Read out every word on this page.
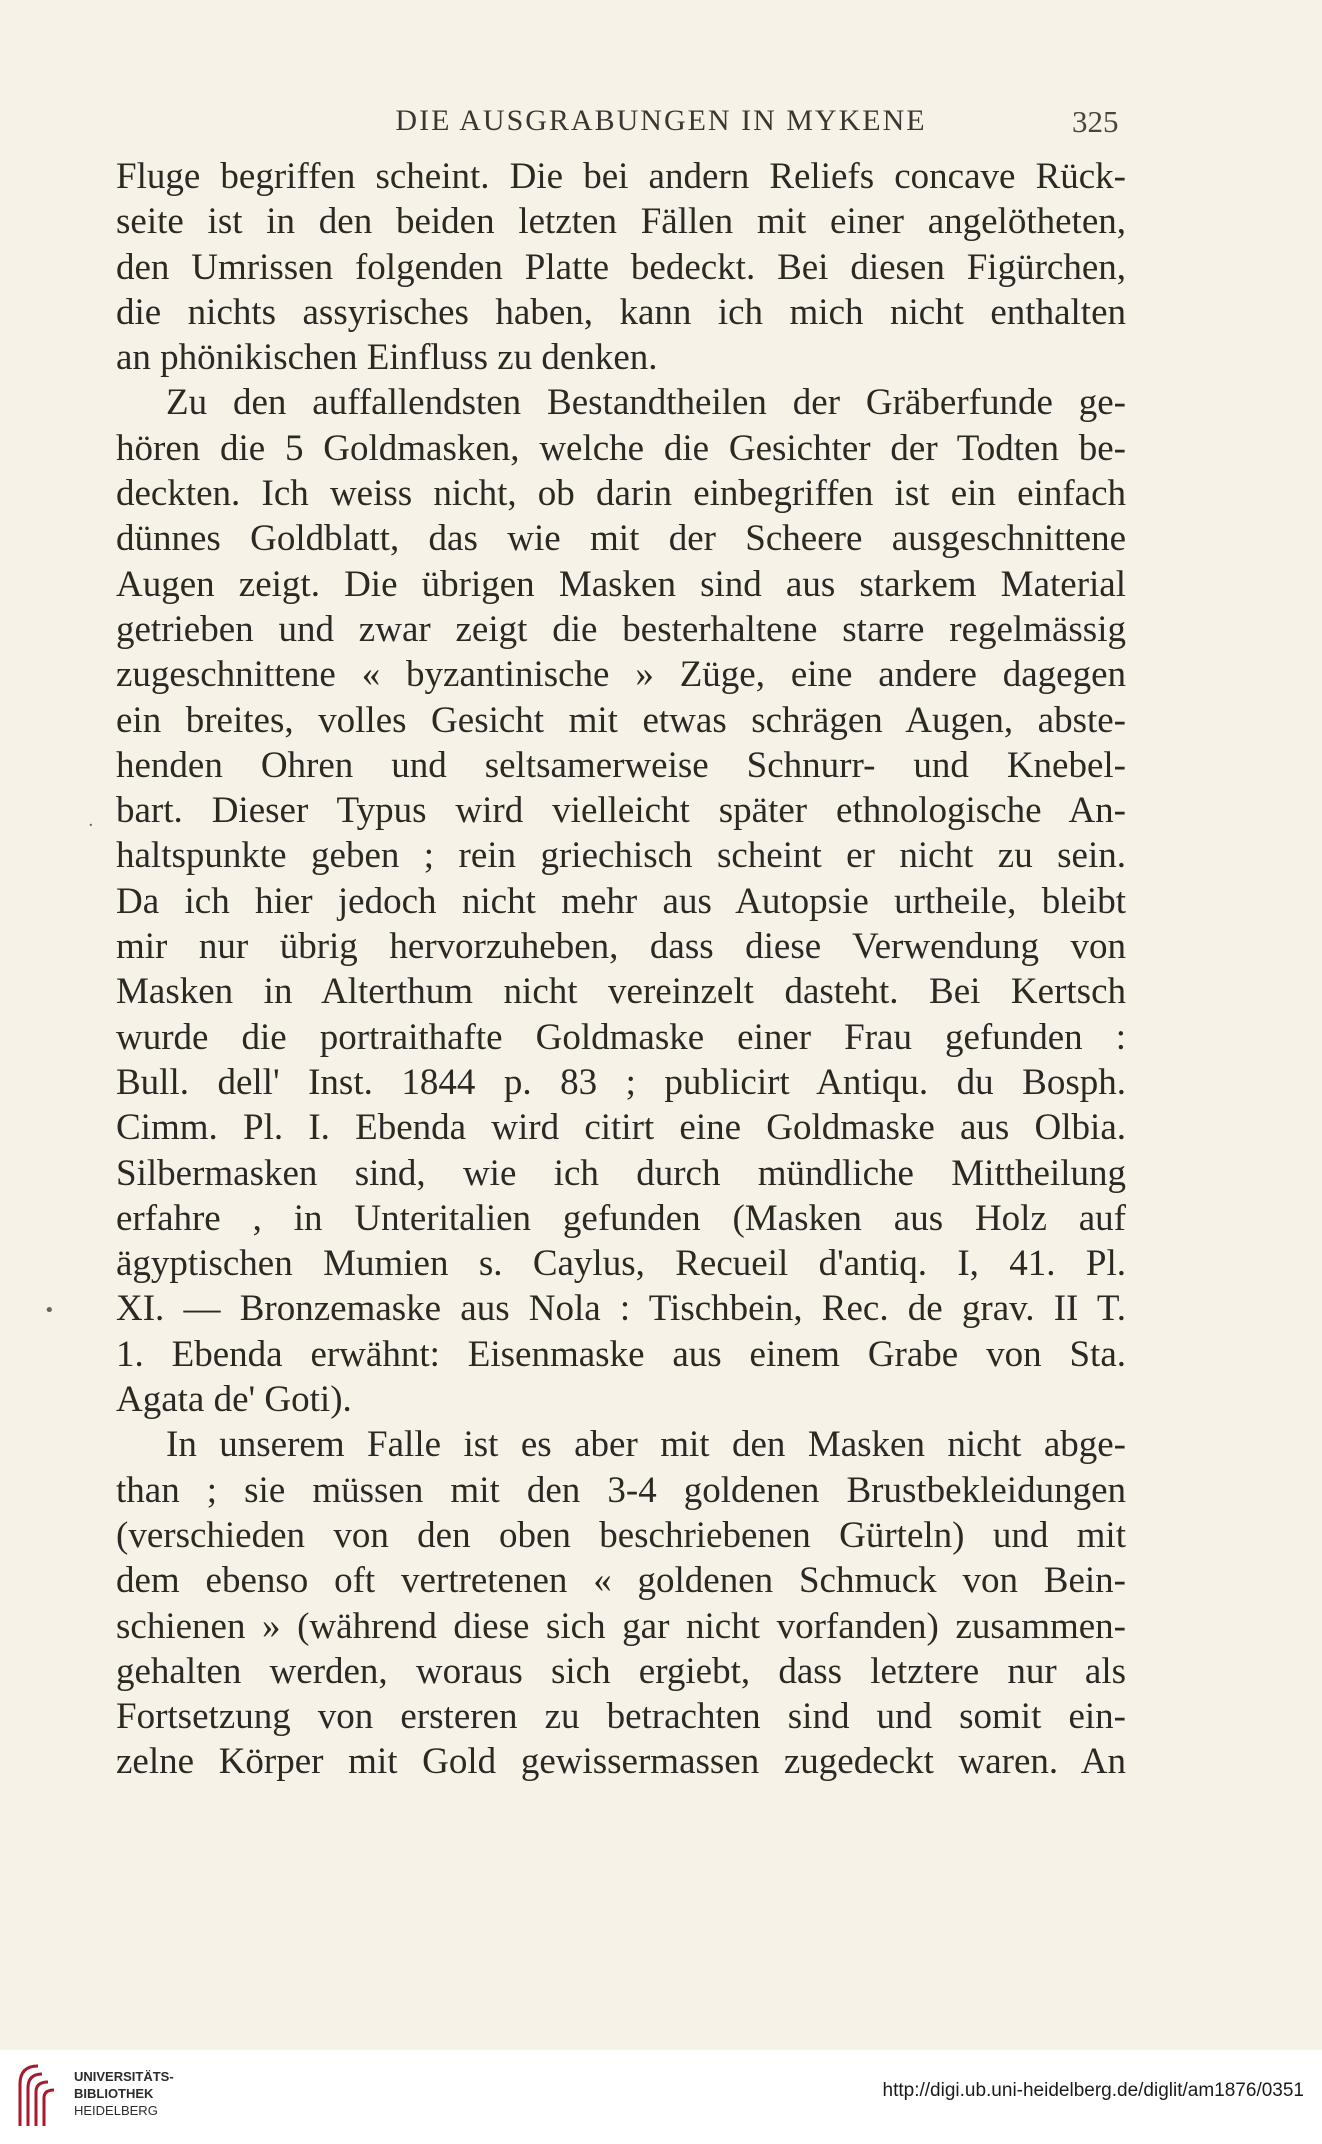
DIE AUSGRABUNGEN IN MYKENE	325
Fluge begriffen scheint. Die bei andern Reliefs concave Rück-
seite ist in den beiden letzten Fällen mit einer angelötheten,
den Umrissen folgenden Platte bedeckt. Bei diesen Figürchen,
die nichts assyrisches haben, kann ich mich nicht enthalten
an phönikischen Einfluss zu denken.
Zu den auffallendsten Bestandtheilen der Gräberfunde ge-
hören die 5 Goldmasken, welche die Gesichter der Todten be-
deckten. Ich weiss nicht, ob darin einbegriffen ist ein einfach
dünnes Goldblatt, das wie mit der Scheere ausgeschnittene
Augen zeigt. Die übrigen Masken sind aus starkem Material
getrieben und zwar zeigt die besterhaltene starre regelmässig
zugeschnittene « byzantinische » Züge, eine andere dagegen
ein breites, volles Gesicht mit etwas schrägen Augen, abste-
henden Ohren und seltsamerweise Schnurr- und Knebel-
bart. Dieser Typus wird vielleicht später ethnologische An-
haltspunkte geben ; rein griechisch scheint er nicht zu sein.
Da ich hier jedoch nicht mehr aus Autopsie urtheile, bleibt
mir nur übrig hervorzuheben, dass diese Verwendung von
Masken in Alterthum nicht vereinzelt dasteht. Bei Kertsch
wurde die portraithafte Goldmaske einer Frau gefunden :
Bull. dell' Inst. 1844 p. 83 ; publicirt Antiqu. du Bosph.
Cimm. Pl. I. Ebenda wird citirt eine Goldmaske aus Olbia.
Silbermasken sind, wie ich durch mündliche Mittheilung
erfahre , in Unteritalien gefunden (Masken aus Holz auf
ägyptischen Mumien s. Caylus, Recueil d'antiq. I, 41. Pl.
XI. — Bronzemaske aus Nola : Tischbein, Rec. de grav. II T.
1. Ebenda erwähnt: Eisenmaske aus einem Grabe von Sta.
Agata de' Goti).
In unserem Falle ist es aber mit den Masken nicht abge-
than ; sie müssen mit den 3-4 goldenen Brustbekleidungen
(verschieden von den oben beschriebenen Gürteln) und mit
dem ebenso oft vertretenen « goldenen Schmuck von Bein-
schienen » (während diese sich gar nicht vorfanden) zusammen-
gehalten werden, woraus sich ergiebt, dass letztere nur als
Fortsetzung von ersteren zu betrachten sind und somit ein-
zelne Körper mit Gold gewissermassen zugedeckt waren. An
·
•
UNIVERSITÄTS-
BIBLIOTHEK
HEIDELBERG
http://digi.ub.uni-heidelberg.de/diglit/am1876/0351
